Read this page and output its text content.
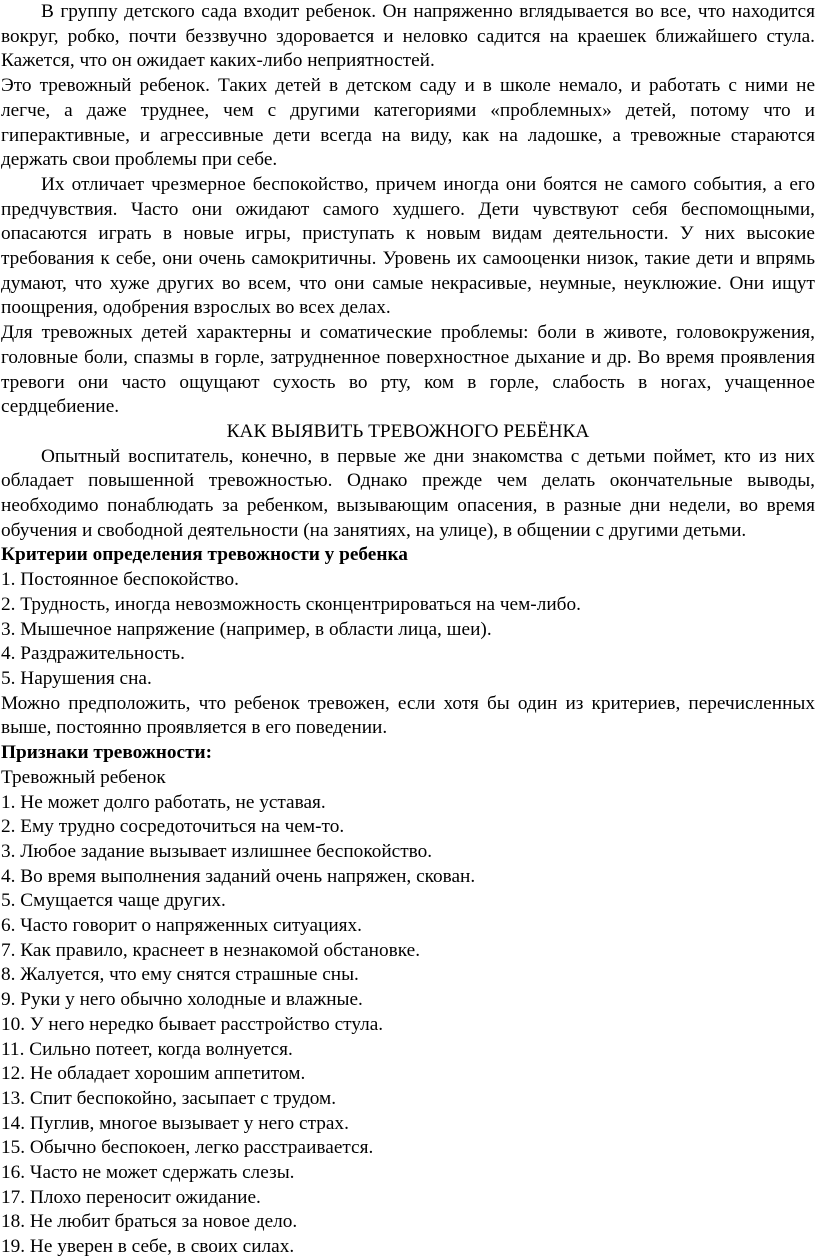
В группу детского сада входит ребенок. Он напряженно вглядывается во все, что находится вокруг, робко, почти беззвучно здоровается и неловко садится на краешек ближайшего стула. Кажется, что он ожидает каких-либо неприятностей.

Это тревожный ребенок. Таких детей в детском саду и в школе немало, и работать с ними не легче, а даже труднее, чем с другими категориями «проблемных» детей, потому что и гиперактивные, и агрессивные дети всегда на виду, как на ладошке, а тревожные стараются держать свои проблемы при себе.

Их отличает чрезмерное беспокойство, причем иногда они боятся не самого события, а его предчувствия. Часто они ожидают самого худшего. Дети чувствуют себя беспомощными, опасаются играть в новые игры, приступать к новым видам деятельности. У них высокие требования к себе, они очень самокритичны. Уровень их самооценки низок, такие дети и впрямь думают, что хуже других во всем, что они самые некрасивые, неумные, неуклюжие. Они ищут поощрения, одобрения взрослых во всех делах.

Для тревожных детей характерны и соматические проблемы: боли в животе, головокружения, головные боли, спазмы в горле, затрудненное поверхностное дыхание и др. Во время проявления тревоги они часто ощущают сухость во рту, ком в горле, слабость в ногах, учащенное сердцебиение.

КАК ВЫЯВИТЬ ТРЕВОЖНОГО РЕБЁНКА

Опытный воспитатель, конечно, в первые же дни знакомства с детьми поймет, кто из них обладает повышенной тревожностью. Однако прежде чем делать окончательные выводы, необходимо понаблюдать за ребенком, вызывающим опасения, в разные дни недели, во время обучения и свободной деятельности (на занятиях, на улице), в общении с другими детьми.

Критерии определения тревожности у ребенка

1. Постоянное беспокойство.
2. Трудность, иногда невозможность сконцентрироваться на чем-либо.
3. Мышечное напряжение (например, в области лица, шеи).
4. Раздражительность.
5. Нарушения сна.

Можно предположить, что ребенок тревожен, если хотя бы один из критериев, перечисленных выше, постоянно проявляется в его поведении.

Признаки тревожности:

Тревожный ребенок

1. Не может долго работать, не уставая.
2. Ему трудно сосредоточиться на чем-то.
3. Любое задание вызывает излишнее беспокойство.
4. Во время выполнения заданий очень напряжен, скован.
5. Смущается чаще других.
6. Часто говорит о напряженных ситуациях.
7. Как правило, краснеет в незнакомой обстановке.
8. Жалуется, что ему снятся страшные сны.
9. Руки у него обычно холодные и влажные.
10. У него нередко бывает расстройство стула.
11. Сильно потеет, когда волнуется.
12. Не обладает хорошим аппетитом.
13. Спит беспокойно, засыпает с трудом.
14. Пуглив, многое вызывает у него страх.
15. Обычно беспокоен, легко расстраивается.
16. Часто не может сдержать слезы.
17. Плохо переносит ожидание.
18. Не любит браться за новое дело.
19. Не уверен в себе, в своих силах.
